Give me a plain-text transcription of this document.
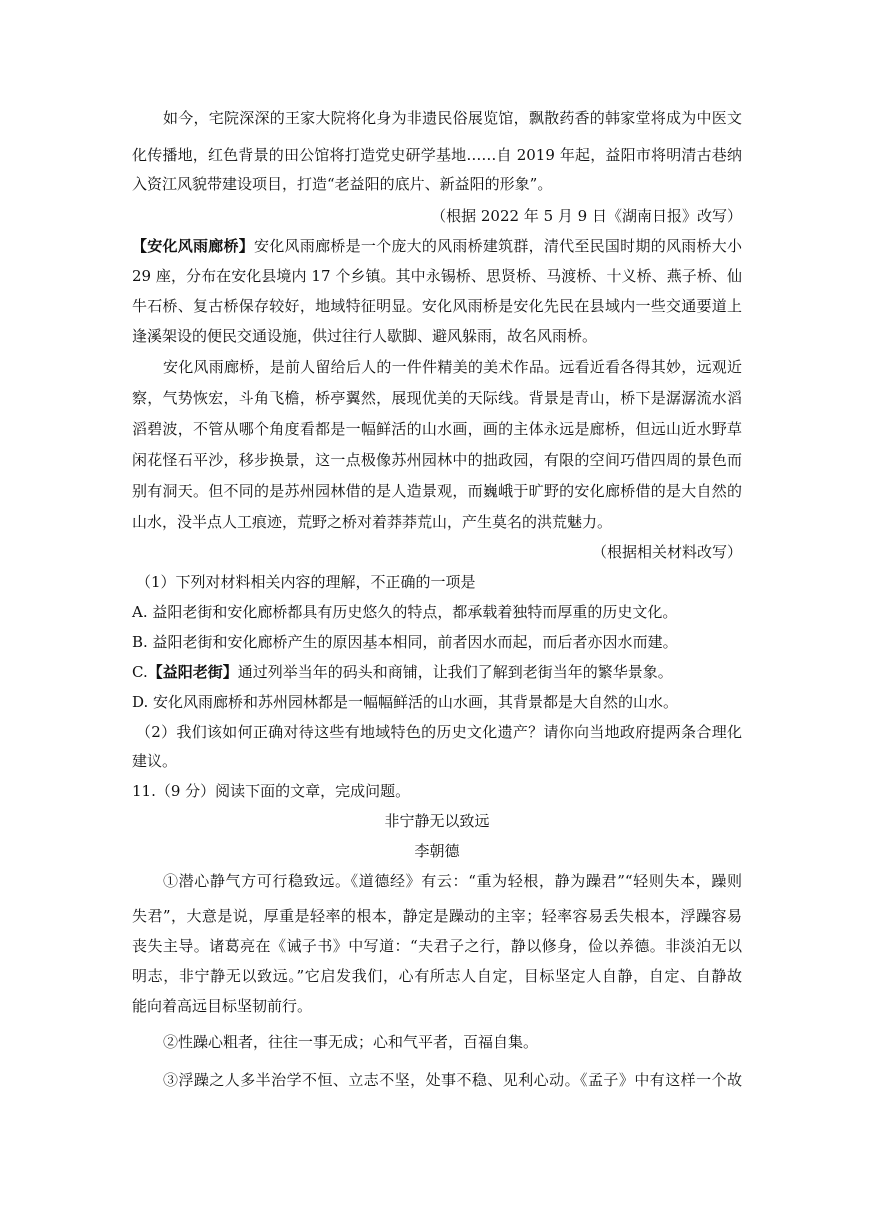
如今，宅院深深的王家大院将化身为非遗民俗展览馆，飘散药香的韩家堂将成为中医文
化传播地，红色背景的田公馆将打造党史研学基地……自 2019 年起，益阳市将明清古巷纳
入资江风貌带建设项目，打造“老益阳的底片、新益阳的形象”。
（根据 2022 年 5 月 9 日《湖南日报》改写）
【安化风雨廊桥】安化风雨廊桥是一个庞大的风雨桥建筑群，清代至民国时期的风雨桥大小
29 座，分布在安化县境内 17 个乡镇。其中永锡桥、思贤桥、马渡桥、十义桥、燕子桥、仙
牛石桥、复古桥保存较好，地域特征明显。安化风雨桥是安化先民在县域内一些交通要道上
逢溪架设的便民交通设施，供过往行人歇脚、避风躲雨，故名风雨桥。
安化风雨廊桥，是前人留给后人的一件件精美的美术作品。远看近看各得其妙，远观近
察，气势恢宏，斗角飞檐，桥亭翼然，展现优美的天际线。背景是青山，桥下是潺潺流水滔
滔碧波，不管从哪个角度看都是一幅鲜活的山水画，画的主体永远是廊桥，但远山近水野草
闲花怪石平沙，移步换景，这一点极像苏州园林中的拙政园，有限的空间巧借四周的景色而
别有洞天。但不同的是苏州园林借的是人造景观，而巍峨于旷野的安化廊桥借的是大自然的
山水，没半点人工痕迹，荒野之桥对着莽莽荒山，产生莫名的洪荒魅力。
（根据相关材料改写）
（1）下列对材料相关内容的理解，不正确的一项是
A. 益阳老街和安化廊桥都具有历史悠久的特点，都承载着独特而厚重的历史文化。
B. 益阳老街和安化廊桥产生的原因基本相同，前者因水而起，而后者亦因水而建。
C.【益阳老街】通过列举当年的码头和商铺，让我们了解到老街当年的繁华景象。
D. 安化风雨廊桥和苏州园林都是一幅幅鲜活的山水画，其背景都是大自然的山水。
（2）我们该如何正确对待这些有地域特色的历史文化遗产？请你向当地政府提两条合理化
建议。
11.（9 分）阅读下面的文章，完成问题。
非宁静无以致远
李朝德
①潜心静气方可行稳致远。《道德经》有云：“重为轻根，静为躁君”“轻则失本，躁则
失君”，大意是说，厚重是轻率的根本，静定是躁动的主宰；轻率容易丢失根本，浮躁容易
丧失主导。诸葛亮在《诫子书》中写道：“夫君子之行，静以修身，俭以养德。非淡泊无以
明志，非宁静无以致远。”它启发我们，心有所志人自定，目标坚定人自静，自定、自静故
能向着高远目标坚韧前行。
②性躁心粗者，往往一事无成；心和气平者，百福自集。
③浮躁之人多半治学不恒、立志不坚，处事不稳、见利心动。《孟子》中有这样一个故
